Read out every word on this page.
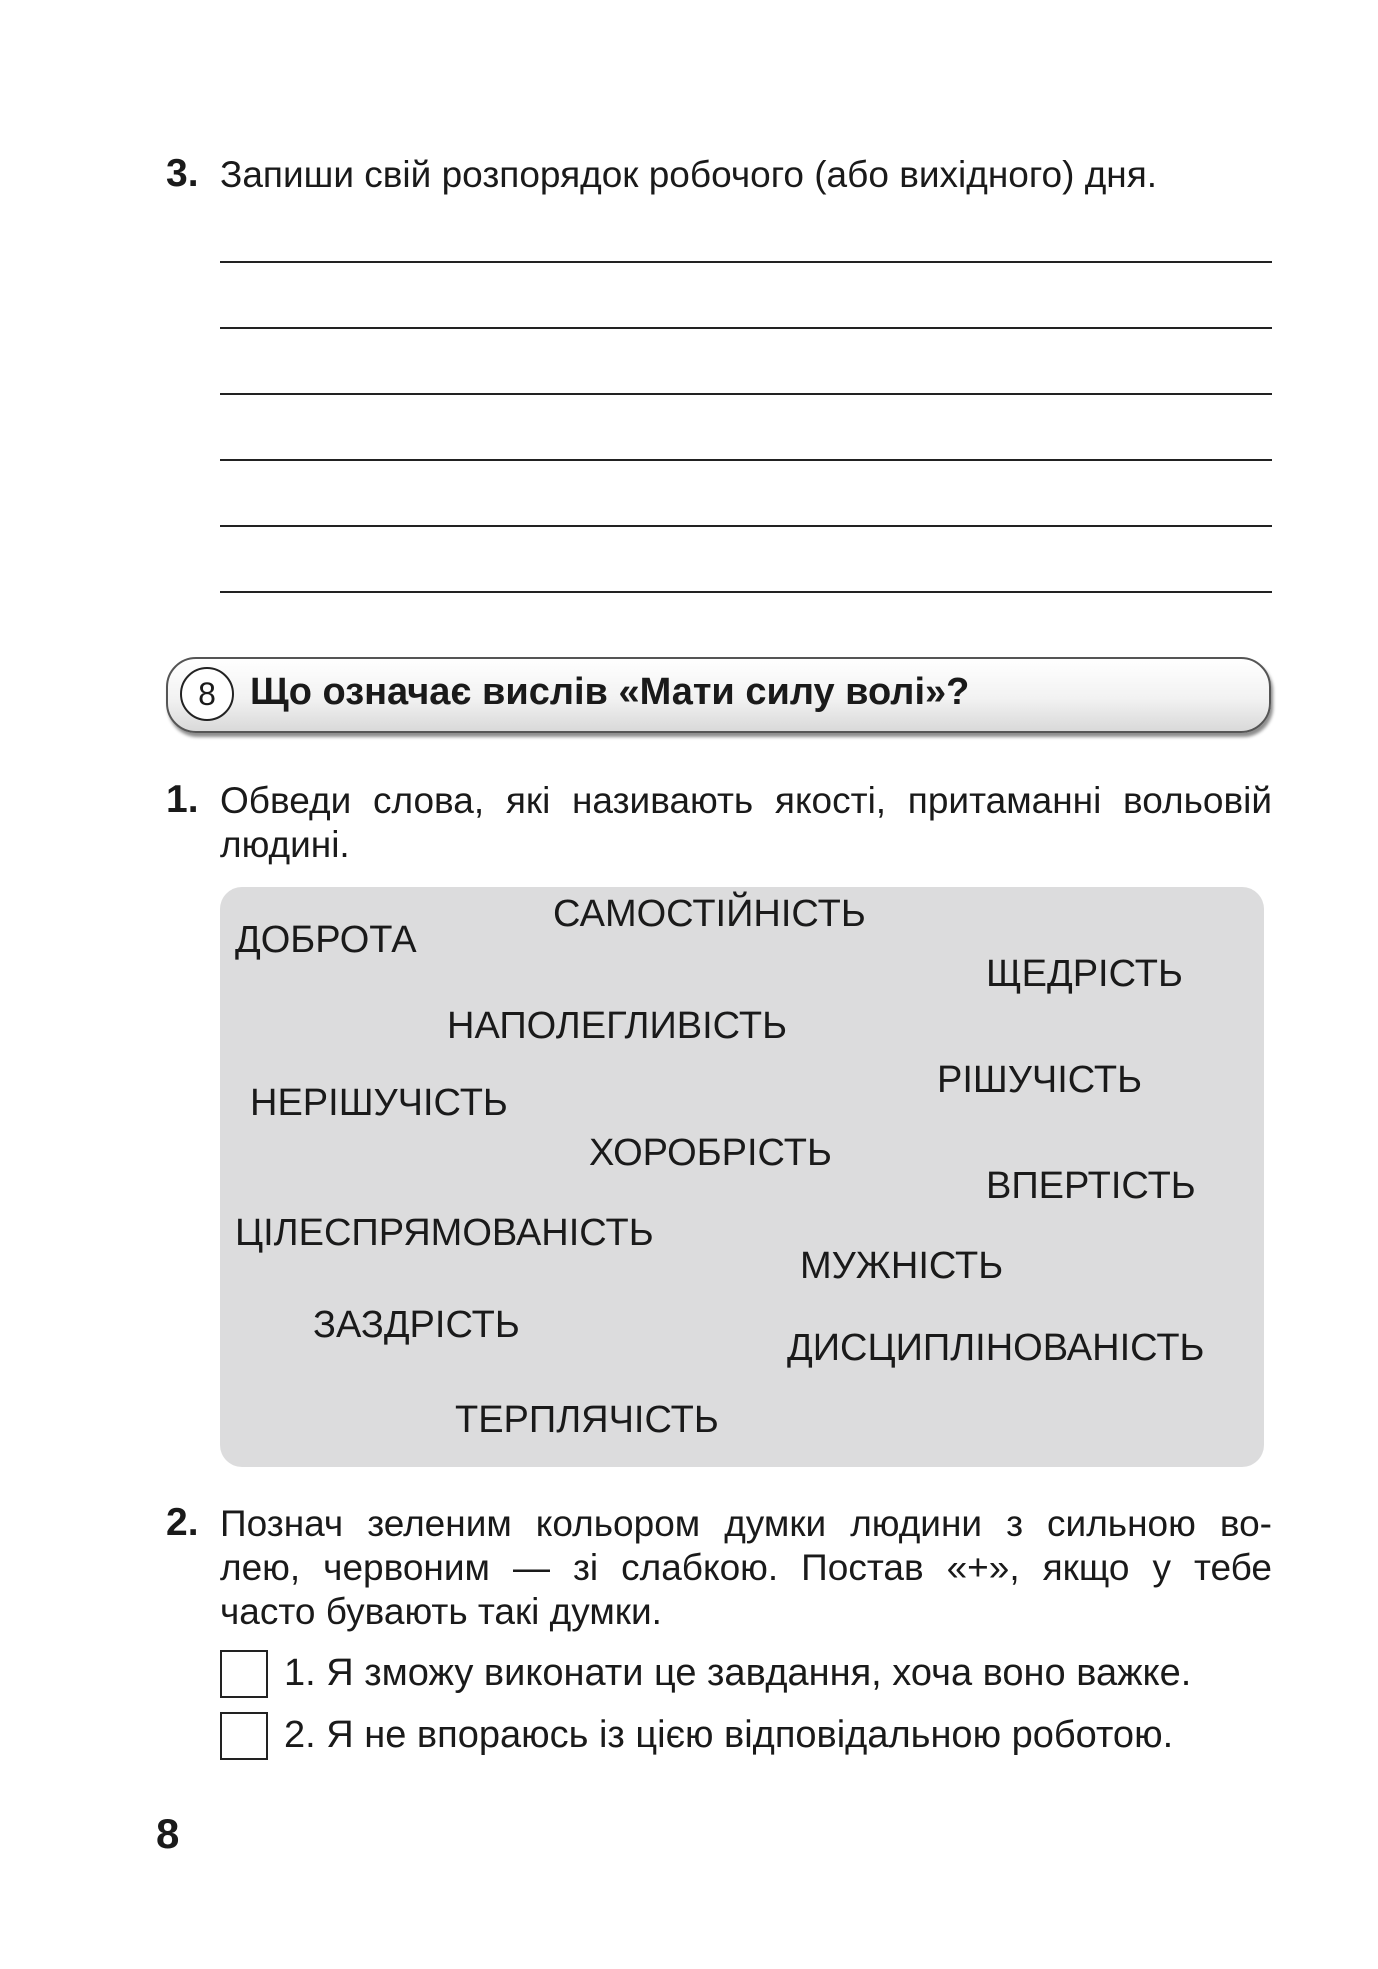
3. Запиши свій розпорядок робочого (або вихідного) дня.
8 Що означає вислів «Мати силу волі»?
1. Обведи слова, які називають якості, притаманні вольовій
людині.
ДОБРОТА
САМОСТІЙНІСТЬ
ЩЕДРІСТЬ
НАПОЛЕГЛИВІСТЬ
РІШУЧІСТЬ
НЕРІШУЧІСТЬ
ХОРОБРІСТЬ
ВПЕРТІСТЬ
ЦІЛЕСПРЯМОВАНІСТЬ
МУЖНІСТЬ
ЗАЗДРІСТЬ
ДИСЦИПЛІНОВАНІСТЬ
ТЕРПЛЯЧІСТЬ
2. Познач зеленим кольором думки людини з сильною во-
лею, червоним — зі слабкою. Постав «+», якщо у тебе
часто бувають такі думки.
1. Я зможу виконати це завдання, хоча воно важке.
2. Я не впораюсь із цією відповідальною роботою.
8
